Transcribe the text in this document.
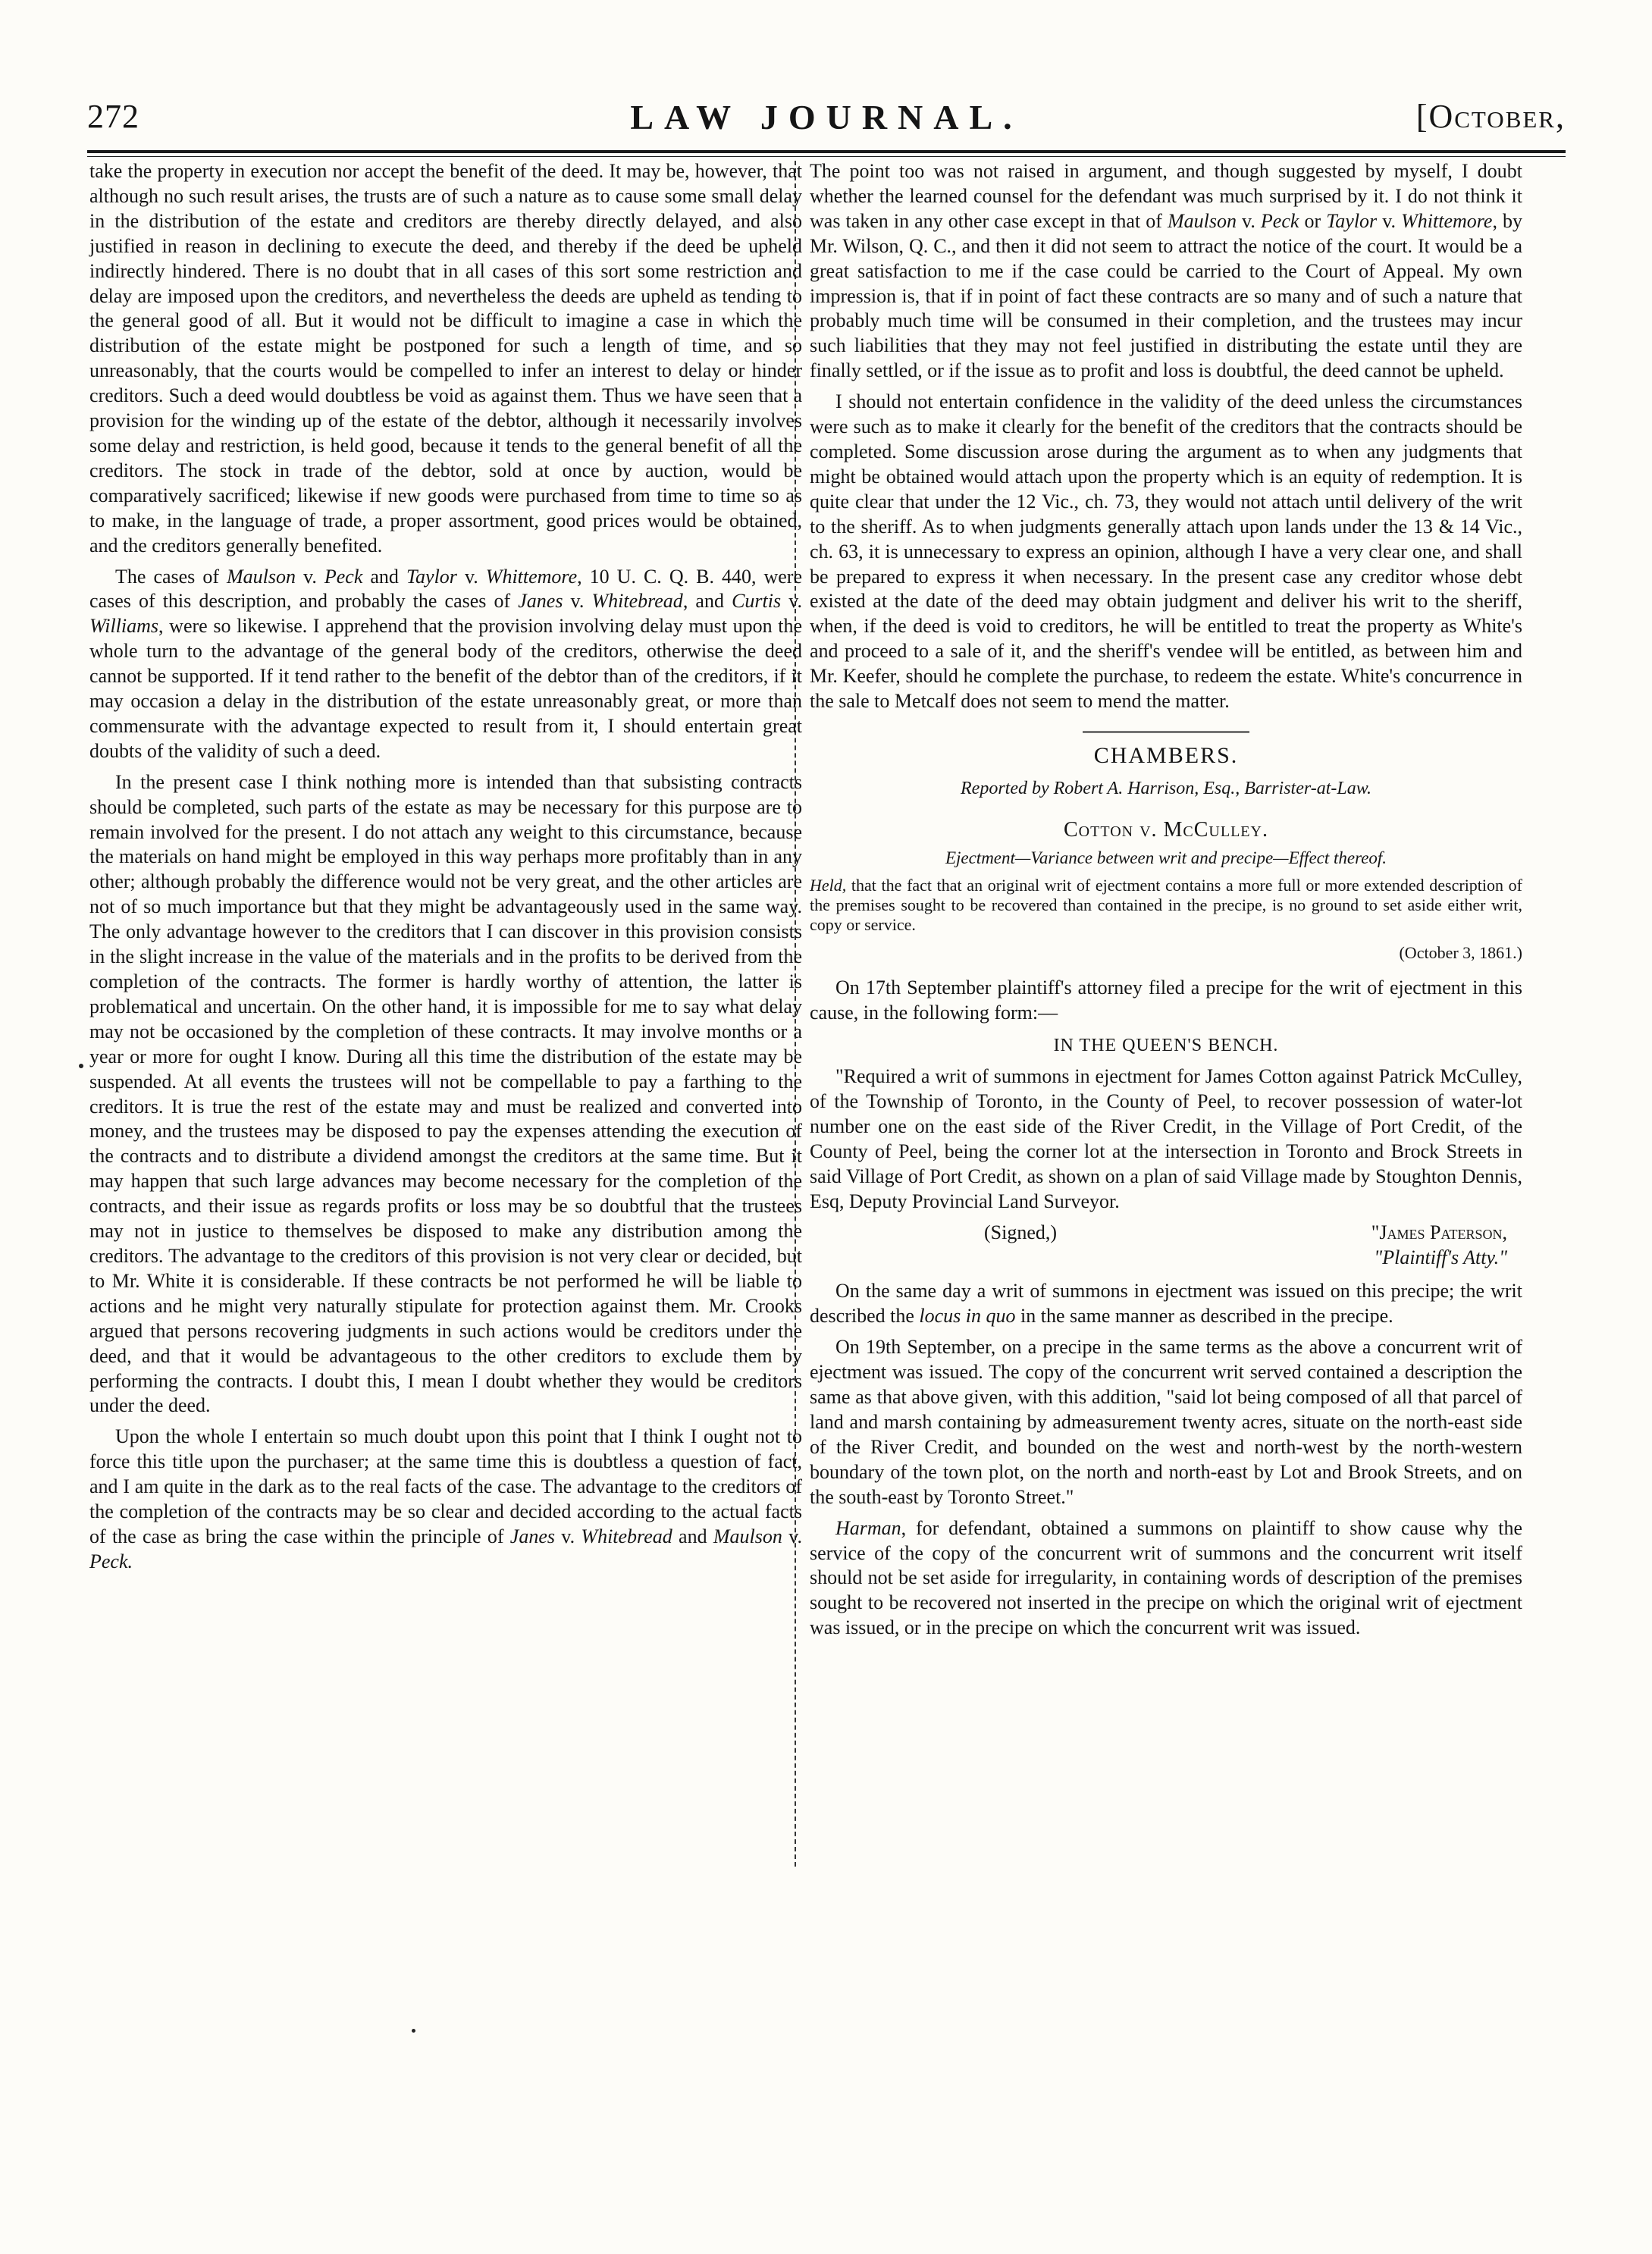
272	LAW JOURNAL.	[October,

take the property in execution nor accept the benefit of the deed. It may be, however, that although no such result arises, the trusts are of such a nature as to cause some small delay in the distribution of the estate and creditors are thereby directly delayed, and also justified in reason in declining to execute the deed, and thereby if the deed be upheld indirectly hindered. There is no doubt that in all cases of this sort some restriction and delay are imposed upon the creditors, and nevertheless the deeds are upheld as tending to the general good of all. But it would not be difficult to imagine a case in which the distribution of the estate might be postponed for such a length of time, and so unreasonably, that the courts would be compelled to infer an interest to delay or hinder creditors. Such a deed would doubtless be void as against them. Thus we have seen that a provision for the winding up of the estate of the debtor, although it necessarily involves some delay and restriction, is held good, because it tends to the general benefit of all the creditors. The stock in trade of the debtor, sold at once by auction, would be comparatively sacrificed; likewise if new goods were purchased from time to time so as to make, in the language of trade, a proper assortment, good prices would be obtained, and the creditors generally benefited.

The cases of Maulson v. Peck and Taylor v. Whittemore, 10 U. C. Q. B. 440, were cases of this description, and probably the cases of Janes v. Whitebread, and Curtis v. Williams, were so likewise. I apprehend that the provision involving delay must upon the whole turn to the advantage of the general body of the creditors, otherwise the deed cannot be supported. If it tend rather to the benefit of the debtor than of the creditors, if it may occasion a delay in the distribution of the estate unreasonably great, or more than commensurate with the advantage expected to result from it, I should entertain great doubts of the validity of such a deed.

In the present case I think nothing more is intended than that subsisting contracts should be completed, such parts of the estate as may be necessary for this purpose are to remain involved for the present. I do not attach any weight to this circumstance, because the materials on hand might be employed in this way perhaps more profitably than in any other; although probably the difference would not be very great, and the other articles are not of so much importance but that they might be advantageously used in the same way. The only advantage however to the creditors that I can discover in this provision consists in the slight increase in the value of the materials and in the profits to be derived from the completion of the contracts. The former is hardly worthy of attention, the latter is problematical and uncertain. On the other hand, it is impossible for me to say what delay may not be occasioned by the completion of these contracts. It may involve months or a year or more for ought I know. During all this time the distribution of the estate may be suspended. At all events the trustees will not be compellable to pay a farthing to the creditors. It is true the rest of the estate may and must be realized and converted into money, and the trustees may be disposed to pay the expenses attending the execution of the contracts and to distribute a dividend amongst the creditors at the same time. But it may happen that such large advances may become necessary for the completion of the contracts, and their issue as regards profits or loss may be so doubtful that the trustees may not in justice to themselves be disposed to make any distribution among the creditors. The advantage to the creditors of this provision is not very clear or decided, but to Mr. White it is considerable. If these contracts be not performed he will be liable to actions and he might very naturally stipulate for protection against them. Mr. Crooks argued that persons recovering judgments in such actions would be creditors under the deed, and that it would be advantageous to the other creditors to exclude them by performing the contracts. I doubt this, I mean I doubt whether they would be creditors under the deed.

Upon the whole I entertain so much doubt upon this point that I think I ought not to force this title upon the purchaser; at the same time this is doubtless a question of fact, and I am quite in the dark as to the real facts of the case. The advantage to the creditors of the completion of the contracts may be so clear and decided according to the actual facts of the case as bring the case within the principle of Janes v. Whitebread and Maulson v. Peck.

The point too was not raised in argument, and though suggested by myself, I doubt whether the learned counsel for the defendant was much surprised by it. I do not think it was taken in any other case except in that of Maulson v. Peck or Taylor v. Whittemore, by Mr. Wilson, Q. C., and then it did not seem to attract the notice of the court. It would be a great satisfaction to me if the case could be carried to the Court of Appeal. My own impression is, that if in point of fact these contracts are so many and of such a nature that probably much time will be consumed in their completion, and the trustees may incur such liabilities that they may not feel justified in distributing the estate until they are finally settled, or if the issue as to profit and loss is doubtful, the deed cannot be upheld.

I should not entertain confidence in the validity of the deed unless the circumstances were such as to make it clearly for the benefit of the creditors that the contracts should be completed. Some discussion arose during the argument as to when any judgments that might be obtained would attach upon the property which is an equity of redemption. It is quite clear that under the 12 Vic., ch. 73, they would not attach until delivery of the writ to the sheriff. As to when judgments generally attach upon lands under the 13 & 14 Vic., ch. 63, it is unnecessary to express an opinion, although I have a very clear one, and shall be prepared to express it when necessary. In the present case any creditor whose debt existed at the date of the deed may obtain judgment and deliver his writ to the sheriff, when, if the deed is void to creditors, he will be entitled to treat the property as White's and proceed to a sale of it, and the sheriff's vendee will be entitled, as between him and Mr. Keefer, should he complete the purchase, to redeem the estate. White's concurrence in the sale to Metcalf does not seem to mend the matter.

CHAMBERS.
Reported by Robert A. Harrison, Esq., Barrister-at-Law.
Cotton v. McCulley.
Ejectment—Variance between writ and precipe—Effect thereof.

Held, that the fact that an original writ of ejectment contains a more full or more extended description of the premises sought to be recovered than contained in the precipe, is no ground to set aside either writ, copy or service.

(October 3, 1861.)

On 17th September plaintiff's attorney filed a precipe for the writ of ejectment in this cause, in the following form:—

IN THE QUEEN'S BENCH.

"Required a writ of summons in ejectment for James Cotton against Patrick McCulley, of the Township of Toronto, in the County of Peel, to recover possession of water-lot number one on the east side of the River Credit, in the Village of Port Credit, of the County of Peel, being the corner lot at the intersection in Toronto and Brock Streets in said Village of Port Credit, as shown on a plan of said Village made by Stoughton Dennis, Esq, Deputy Provincial Land Surveyor.

(Signed,)	"James Paterson,
"Plaintiff's Atty."

On the same day a writ of summons in ejectment was issued on this precipe; the writ described the locus in quo in the same manner as described in the precipe.

On 19th September, on a precipe in the same terms as the above a concurrent writ of ejectment was issued. The copy of the concurrent writ served contained a description the same as that above given, with this addition, "said lot being composed of all that parcel of land and marsh containing by admeasurement twenty acres, situate on the north-east side of the River Credit, and bounded on the west and north-west by the north-western boundary of the town plot, on the north and north-east by Lot and Brook Streets, and on the south-east by Toronto Street."

Harman, for defendant, obtained a summons on plaintiff to show cause why the service of the copy of the concurrent writ of summons and the concurrent writ itself should not be set aside for irregularity, in containing words of description of the premises sought to be recovered not inserted in the precipe on which the original writ of ejectment was issued, or in the precipe on which the concurrent writ was issued.
